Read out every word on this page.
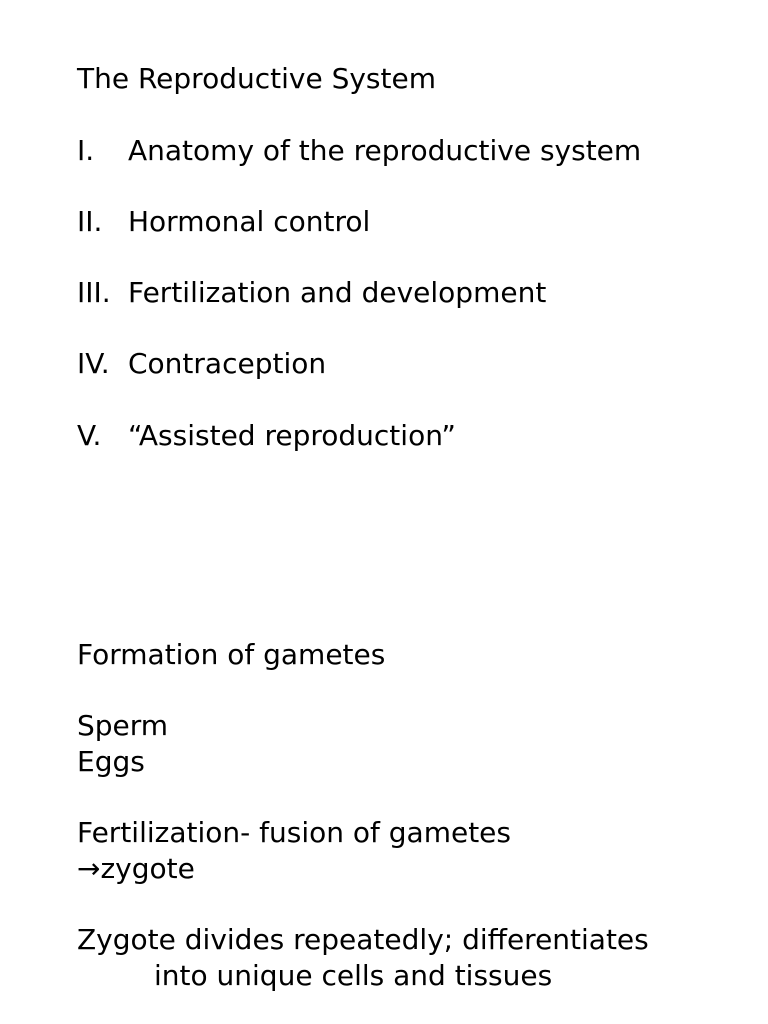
The Reproductive System
I. Anatomy of the reproductive system
II. Hormonal control
III. Fertilization and development
IV. Contraception
V. “Assisted reproduction”
Formation of gametes
Sperm
Eggs
Fertilization- fusion of gametes
→zygote
Zygote divides repeatedly; differentiates
into unique cells and tissues
